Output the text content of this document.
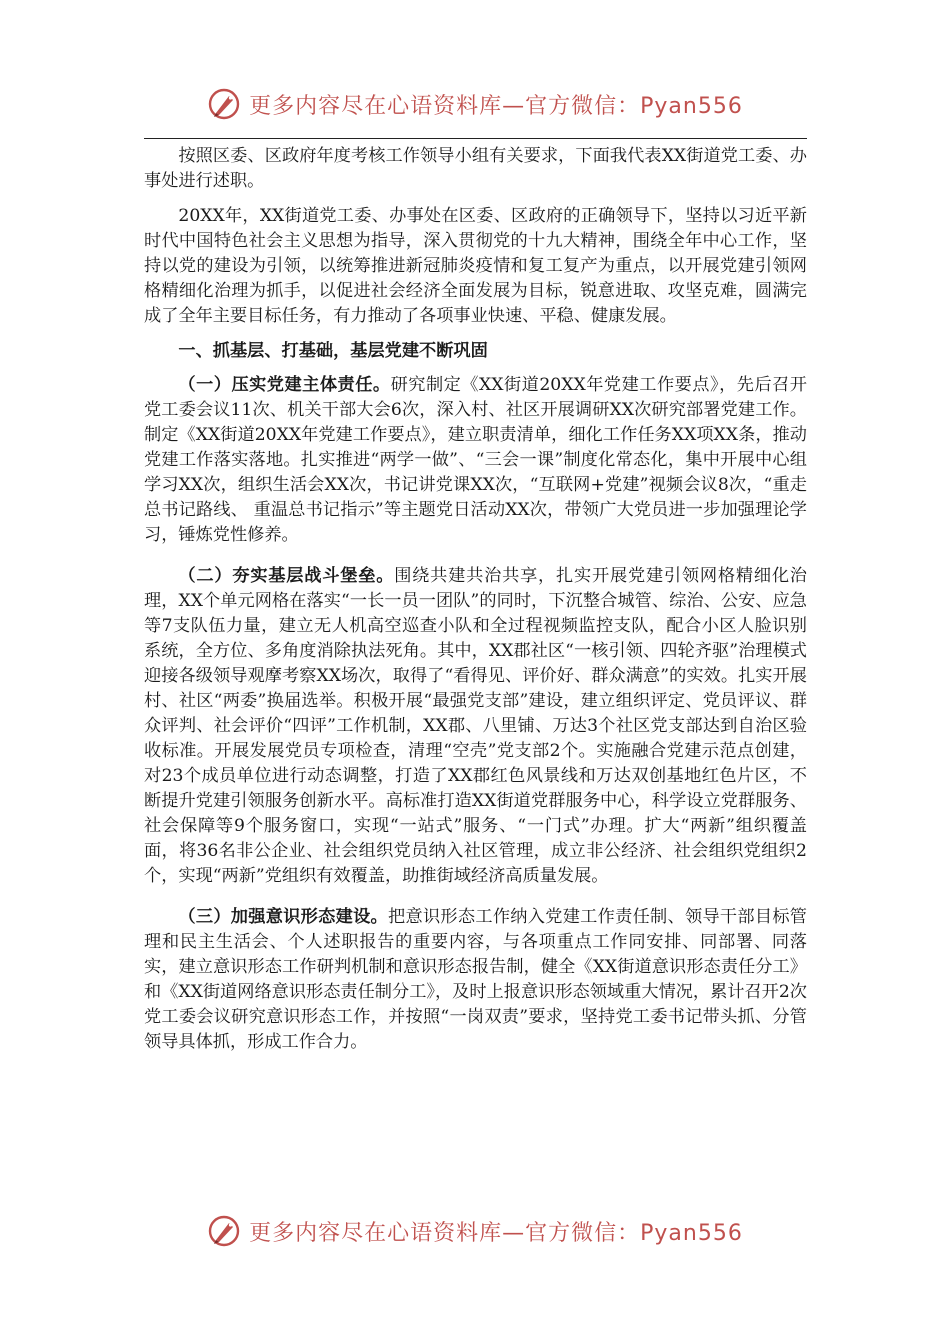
更多内容尽在心语资料库—官方微信：Pyan556

按照区委、区政府年度考核工作领导小组有关要求，下面我代表XX街道党工委、办事处进行述职。

20XX年，XX街道党工委、办事处在区委、区政府的正确领导下，坚持以习近平新时代中国特色社会主义思想为指导，深入贯彻党的十九大精神，围绕全年中心工作，坚持以党的建设为引领，以统筹推进新冠肺炎疫情和复工复产为重点，以开展党建引领网格精细化治理为抓手，以促进社会经济全面发展为目标，锐意进取、攻坚克难，圆满完成了全年主要目标任务，有力推动了各项事业快速、平稳、健康发展。

一、抓基层、打基础，基层党建不断巩固

（一）压实党建主体责任。研究制定《XX街道20XX年党建工作要点》，先后召开党工委会议11次、机关干部大会6次，深入村、社区开展调研XX次研究部署党建工作。制定《XX街道20XX年党建工作要点》，建立职责清单，细化工作任务XX项XX条，推动党建工作落实落地。扎实推进“两学一做”、“三会一课”制度化常态化，集中开展中心组学习XX次，组织生活会XX次，书记讲党课XX次，“互联网+党建”视频会议8次，“重走总书记路线、 重温总书记指示”等主题党日活动XX次，带领广大党员进一步加强理论学习，锤炼党性修养。

（二）夯实基层战斗堡垒。围绕共建共治共享，扎实开展党建引领网格精细化治理，XX个单元网格在落实“一长一员一团队”的同时，下沉整合城管、综治、公安、应急等7支队伍力量，建立无人机高空巡查小队和全过程视频监控支队，配合小区人脸识别系统，全方位、多角度消除执法死角。其中，XX郡社区“一核引领、四轮齐驱”治理模式迎接各级领导观摩考察XX场次，取得了“看得见、评价好、群众满意”的实效。扎实开展村、社区“两委”换届选举。积极开展“最强党支部”建设，建立组织评定、党员评议、群众评判、社会评价“四评”工作机制，XX郡、八里铺、万达3个社区党支部达到自治区验收标准。开展发展党员专项检查，清理“空壳”党支部2个。实施融合党建示范点创建，对23个成员单位进行动态调整，打造了XX郡红色风景线和万达双创基地红色片区，不断提升党建引领服务创新水平。高标准打造XX街道党群服务中心，科学设立党群服务、社会保障等9个服务窗口，实现“一站式”服务、“一门式”办理。扩大“两新”组织覆盖面，将36名非公企业、社会组织党员纳入社区管理，成立非公经济、社会组织党组织2个，实现“两新”党组织有效覆盖，助推街域经济高质量发展。

（三）加强意识形态建设。把意识形态工作纳入党建工作责任制、领导干部目标管理和民主生活会、个人述职报告的重要内容，与各项重点工作同安排、同部署、同落实，建立意识形态工作研判机制和意识形态报告制，健全《XX街道意识形态责任分工》和《XX街道网络意识形态责任制分工》，及时上报意识形态领域重大情况，累计召开2次党工委会议研究意识形态工作，并按照“一岗双责”要求，坚持党工委书记带头抓、分管领导具体抓，形成工作合力。

更多内容尽在心语资料库—官方微信：Pyan556
